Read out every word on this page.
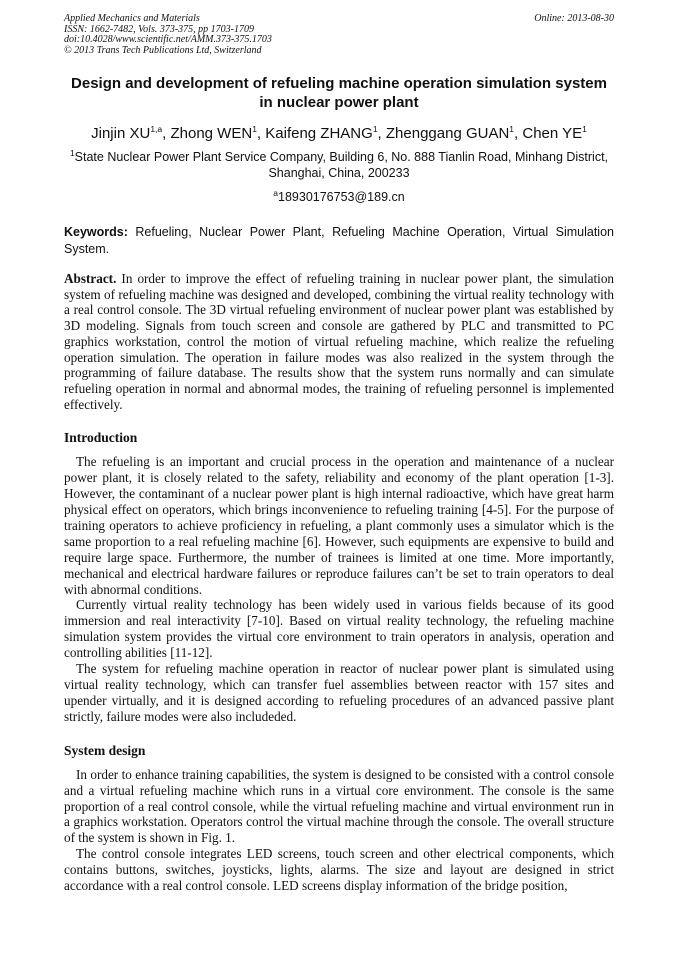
Applied Mechanics and Materials
ISSN: 1662-7482, Vols. 373-375, pp 1703-1709
doi:10.4028/www.scientific.net/AMM.373-375.1703
© 2013 Trans Tech Publications Ltd, Switzerland
Online: 2013-08-30
Design and development of refueling machine operation simulation system in nuclear power plant
Jinjin XU$^{1,a}$, Zhong WEN$^1$, Kaifeng ZHANG$^1$, Zhenggang GUAN$^1$, Chen $YE^1$
$^1$State Nuclear Power Plant Service Company, Building 6, No. 888 Tianlin Road, Minhang District, Shanghai, China, 200233
$^a$18930176753@189.cn
Keywords: Refueling, Nuclear Power Plant, Refueling Machine Operation, Virtual Simulation System.
Abstract. In order to improve the effect of refueling training in nuclear power plant, the simulation system of refueling machine was designed and developed, combining the virtual reality technology with a real control console. The 3D virtual refueling environment of nuclear power plant was established by 3D modeling. Signals from touch screen and console are gathered by PLC and transmitted to PC graphics workstation, control the motion of virtual refueling machine, which realize the refueling operation simulation. The operation in failure modes was also realized in the system through the programming of failure database. The results show that the system runs normally and can simulate refueling operation in normal and abnormal modes, the training of refueling personnel is implemented effectively.
Introduction

The refueling is an important and crucial process in the operation and maintenance of a nuclear power plant, it is closely related to the safety, reliability and economy of the plant operation [1-3]. However, the contaminant of a nuclear power plant is high internal radioactive, which have great harm physical effect on operators, which brings inconvenience to refueling training [4-5]. For the purpose of training operators to achieve proficiency in refueling, a plant commonly uses a simulator which is the same proportion to a real refueling machine [6]. However, such equipments are expensive to build and require large space. Furthermore, the number of trainees is limited at one time. More importantly, mechanical and electrical hardware failures or reproduce failures can’t be set to train operators to deal with abnormal conditions.

Currently virtual reality technology has been widely used in various fields because of its good immersion and real interactivity [7-10]. Based on virtual reality technology, the refueling machine simulation system provides the virtual core environment to train operators in analysis, operation and controlling abilities [11-12].

The system for refueling machine operation in reactor of nuclear power plant is simulated using virtual reality technology, which can transfer fuel assemblies between reactor with 157 sites and upender virtually, and it is designed according to refueling procedures of an advanced passive plant strictly, failure modes were also includeded.

System design

In order to enhance training capabilities, the system is designed to be consisted with a control console and a virtual refueling machine which runs in a virtual core environment. The console is the same proportion of a real control console, while the virtual refueling machine and virtual environment run in a graphics workstation. Operators control the virtual machine through the console. The overall structure of the system is shown in Fig. 1.

The control console integrates LED screens, touch screen and other electrical components, which contains buttons, switches, joysticks, lights, alarms. The size and layout are designed in strict accordance with a real control console. LED screens display information of the bridge position,
